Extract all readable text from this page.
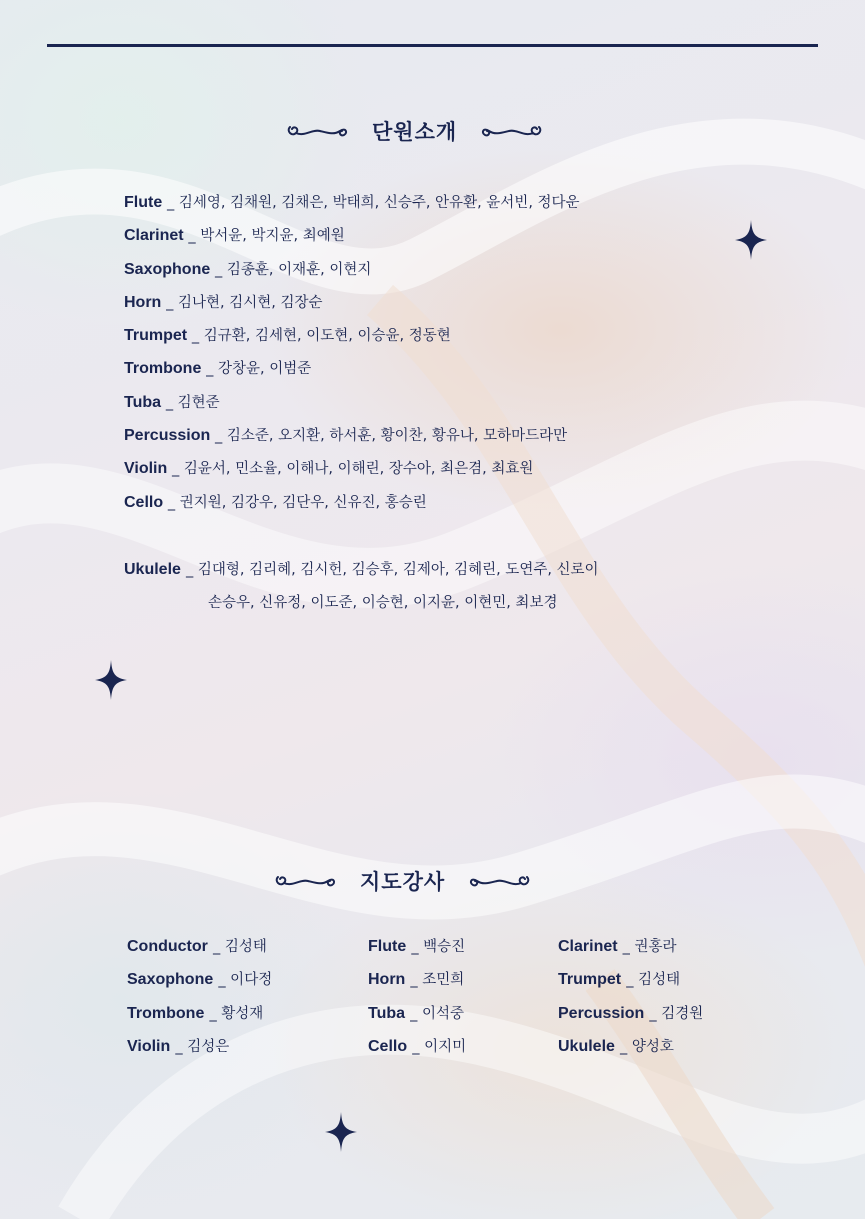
단원소개
Flute _ 김세영, 김채원, 김채은, 박태희, 신승주, 안유환, 윤서빈, 정다운
Clarinet _ 박서윤, 박지윤, 최예원
Saxophone _ 김종훈, 이재훈, 이현지
Horn _ 김나현, 김시현, 김장순
Trumpet _ 김규환, 김세현, 이도현, 이승윤, 정동현
Trombone _ 강창윤, 이범준
Tuba _ 김현준
Percussion _ 김소준, 오지환, 하서훈, 황이찬, 황유나, 모하마드라만
Violin _ 김윤서, 민소율, 이해나, 이해린, 장수아, 최은겸, 최효원
Cello _ 권지원, 김강우, 김단우, 신유진, 홍승린
Ukulele _ 김대형, 김리혜, 김시헌, 김승후, 김제아, 김혜린, 도연주, 신로이
손승우, 신유정, 이도준, 이승현, 이지윤, 이현민, 최보경
지도강사
Conductor _ 김성태	Flute _ 백승진	Clarinet _ 권홍라
Saxophone _ 이다정	Horn _ 조민희	Trumpet _ 김성태
Trombone _ 황성재	Tuba _ 이석중	Percussion _ 김경원
Violin _ 김성은	Cello _ 이지미	Ukulele _ 양성호
